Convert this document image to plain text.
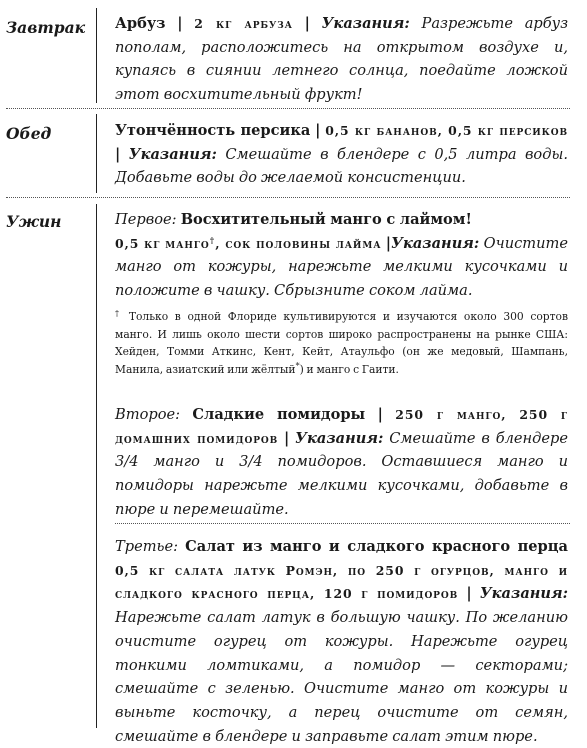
Завтрак	Арбуз | 2 кг арбуза | Указания: Разрежьте арбуз пополам, расположитесь на открытом воздухе и, купаясь в сиянии летнего солнца, поедайте ложкой этот восхитительный фрукт!
Обед	Утончённость персика | 0,5 кг бананов, 0,5 кг персиков | Указания: Смешайте в блендере с 0,5 литра воды. Добавьте воды до желаемой консистенции.
Ужин	Первое: Восхитительный манго с лаймом!
0,5 кг манго†, сок половины лайма |Указания: Очистите манго от кожуры, нарежьте мелкими кусочками и положите в чашку. Сбрызните соком лайма.
† Только в одной Флориде культивируются и изучаются около 300 сортов манго. И лишь около шести сортов широко распространены на рынке США: Хейден, Томми Аткинс, Кент, Кейт, Атаульфо (он же медовый, Шампань, Манила, азиатский или жёлтый*) и манго с Гаити.
Второе: Сладкие помидоры | 250 г манго, 250 г домашних помидоров | Указания: Смешайте в блендере 3/4 манго и 3/4 помидоров. Оставшиеся манго и помидоры нарежьте мелкими кусочками, добавьте в пюре и перемешайте.
Третье: Салат из манго и сладкого красного перца 0,5 кг салата латук Ромэн, по 250 г огурцов, манго и сладкого красного перца, 120 г помидоров | Указания: Нарежьте салат латук в большую чашку. По желанию очистите огурец от кожуры. Нарежьте огурец тонкими ломтиками, а помидор — секторами; смешайте с зеленью. Очистите манго от кожуры и выньте косточку, а перец очистите от семян, смешайте в блендере и заправьте салат этим пюре.
